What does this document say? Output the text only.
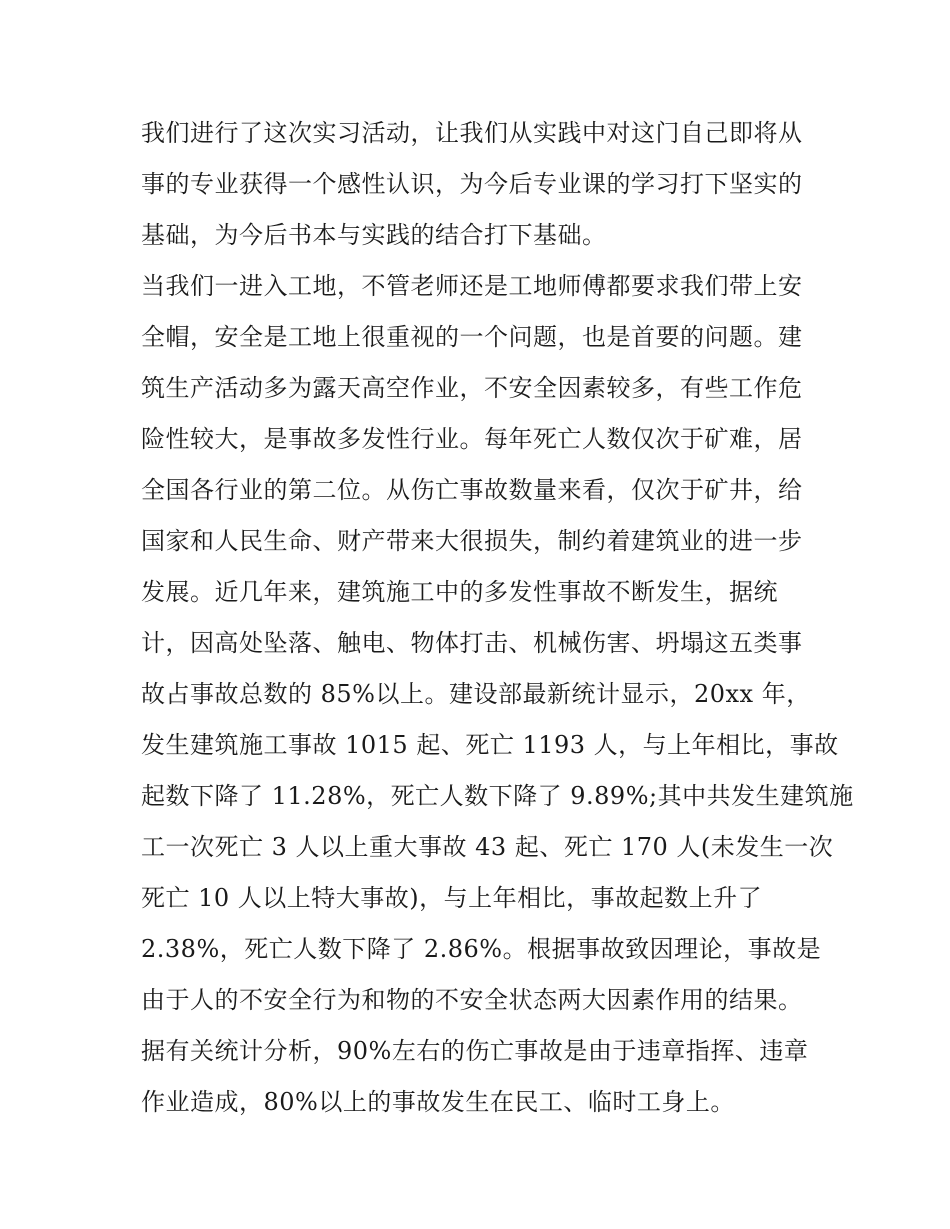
我们进行了这次实习活动，让我们从实践中对这门自己即将从
事的专业获得一个感性认识，为今后专业课的学习打下坚实的
基础，为今后书本与实践的结合打下基础。
当我们一进入工地，不管老师还是工地师傅都要求我们带上安
全帽，安全是工地上很重视的一个问题，也是首要的问题。建
筑生产活动多为露天高空作业，不安全因素较多，有些工作危
险性较大，是事故多发性行业。每年死亡人数仅次于矿难，居
全国各行业的第二位。从伤亡事故数量来看，仅次于矿井，给
国家和人民生命、财产带来大很损失，制约着建筑业的进一步
发展。近几年来，建筑施工中的多发性事故不断发生，据统
计，因高处坠落、触电、物体打击、机械伤害、坍塌这五类事
故占事故总数的 85%以上。建设部最新统计显示，20xx 年，
发生建筑施工事故 1015 起、死亡 1193 人，与上年相比，事故
起数下降了 11.28%，死亡人数下降了 9.89%;其中共发生建筑施
工一次死亡 3 人以上重大事故 43 起、死亡 170 人(未发生一次
死亡 10 人以上特大事故)，与上年相比，事故起数上升了
2.38%，死亡人数下降了 2.86%。根据事故致因理论，事故是
由于人的不安全行为和物的不安全状态两大因素作用的结果。
据有关统计分析，90%左右的伤亡事故是由于违章指挥、违章
作业造成，80%以上的事故发生在民工、临时工身上。
